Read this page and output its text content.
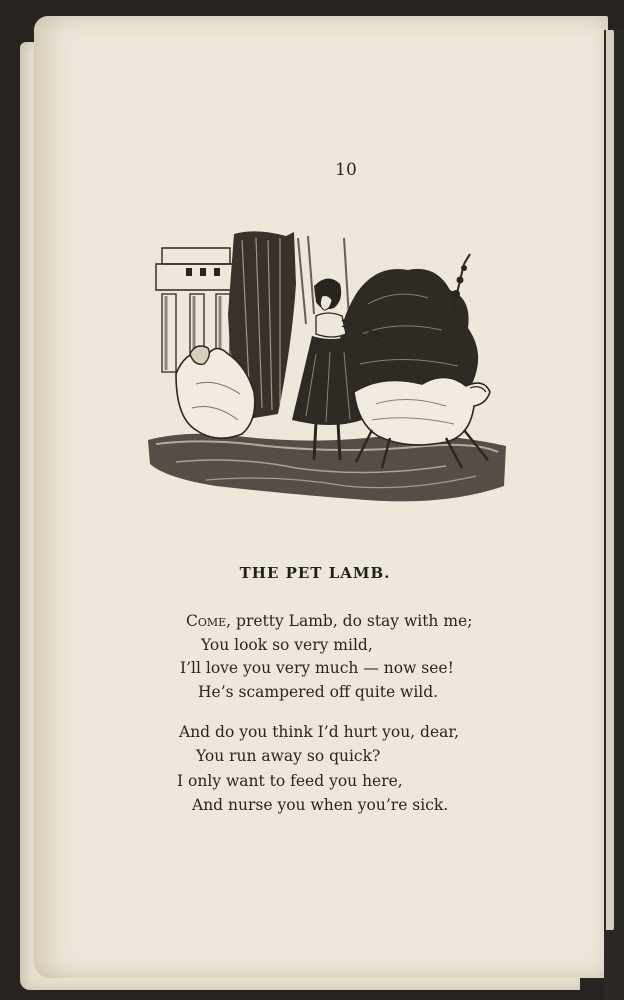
10
THE PET LAMB.
Come, pretty Lamb, do stay with me;
You look so very mild,
I’ll love you very much — now see!
He’s scampered off quite wild.
And do you think I’d hurt you, dear,
You run away so quick?
I only want to feed you here,
And nurse you when you’re sick.
